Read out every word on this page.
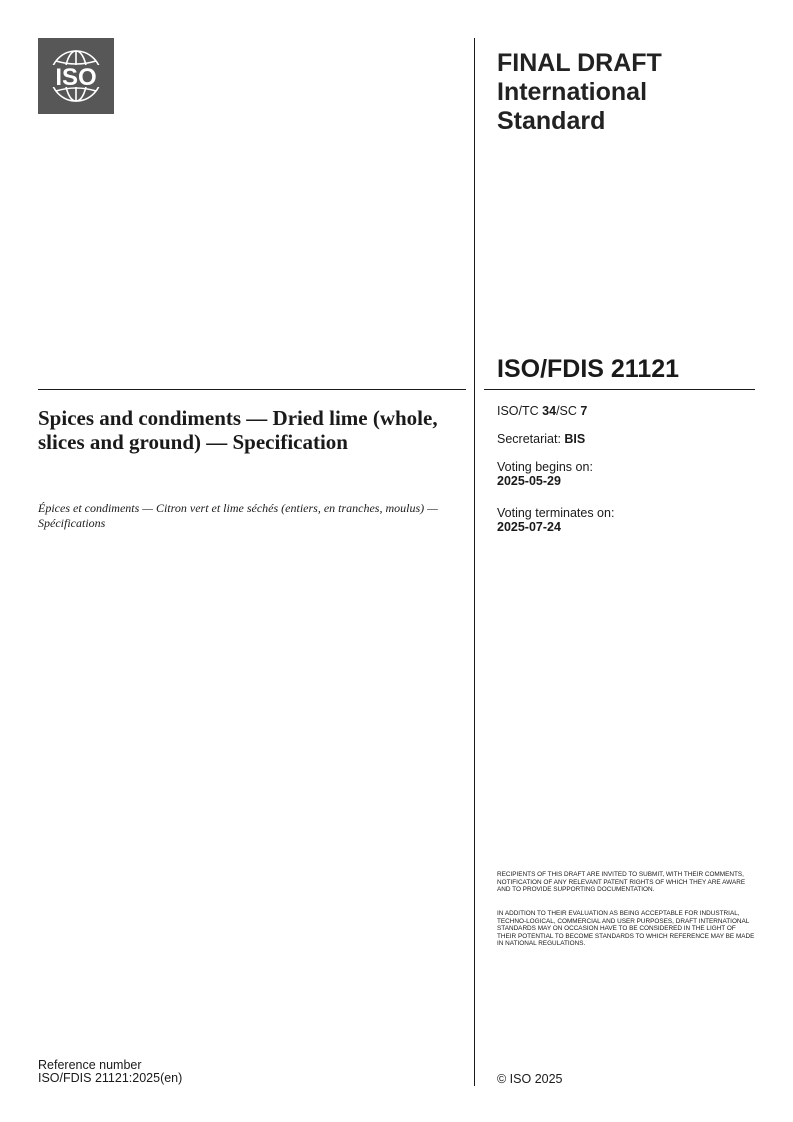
ISO
FINAL DRAFT
International
Standard
ISO/FDIS 21121
Spices and condiments — Dried lime (whole, slices and ground) — Specification
Épices et condiments — Citron vert et lime séchés (entiers, en tranches, moulus) — Spécifications
ISO/TC 34/SC 7
Secretariat: BIS
Voting begins on:
2025-05-29
Voting terminates on:
2025-07-24
RECIPIENTS OF THIS DRAFT ARE INVITED TO SUBMIT, WITH THEIR COMMENTS, NOTIFICATION OF ANY RELEVANT PATENT RIGHTS OF WHICH THEY ARE AWARE AND TO PROVIDE SUPPORTING DOCUMENTATION.
IN ADDITION TO THEIR EVALUATION AS BEING ACCEPTABLE FOR INDUSTRIAL, TECHNO-LOGICAL, COMMERCIAL AND USER PURPOSES, DRAFT INTERNATIONAL STANDARDS MAY ON OCCASION HAVE TO BE CONSIDERED IN THE LIGHT OF THEIR POTENTIAL TO BECOME STANDARDS TO WHICH REFERENCE MAY BE MADE IN NATIONAL REGULATIONS.
Reference number
ISO/FDIS 21121:2025(en)	© ISO 2025
